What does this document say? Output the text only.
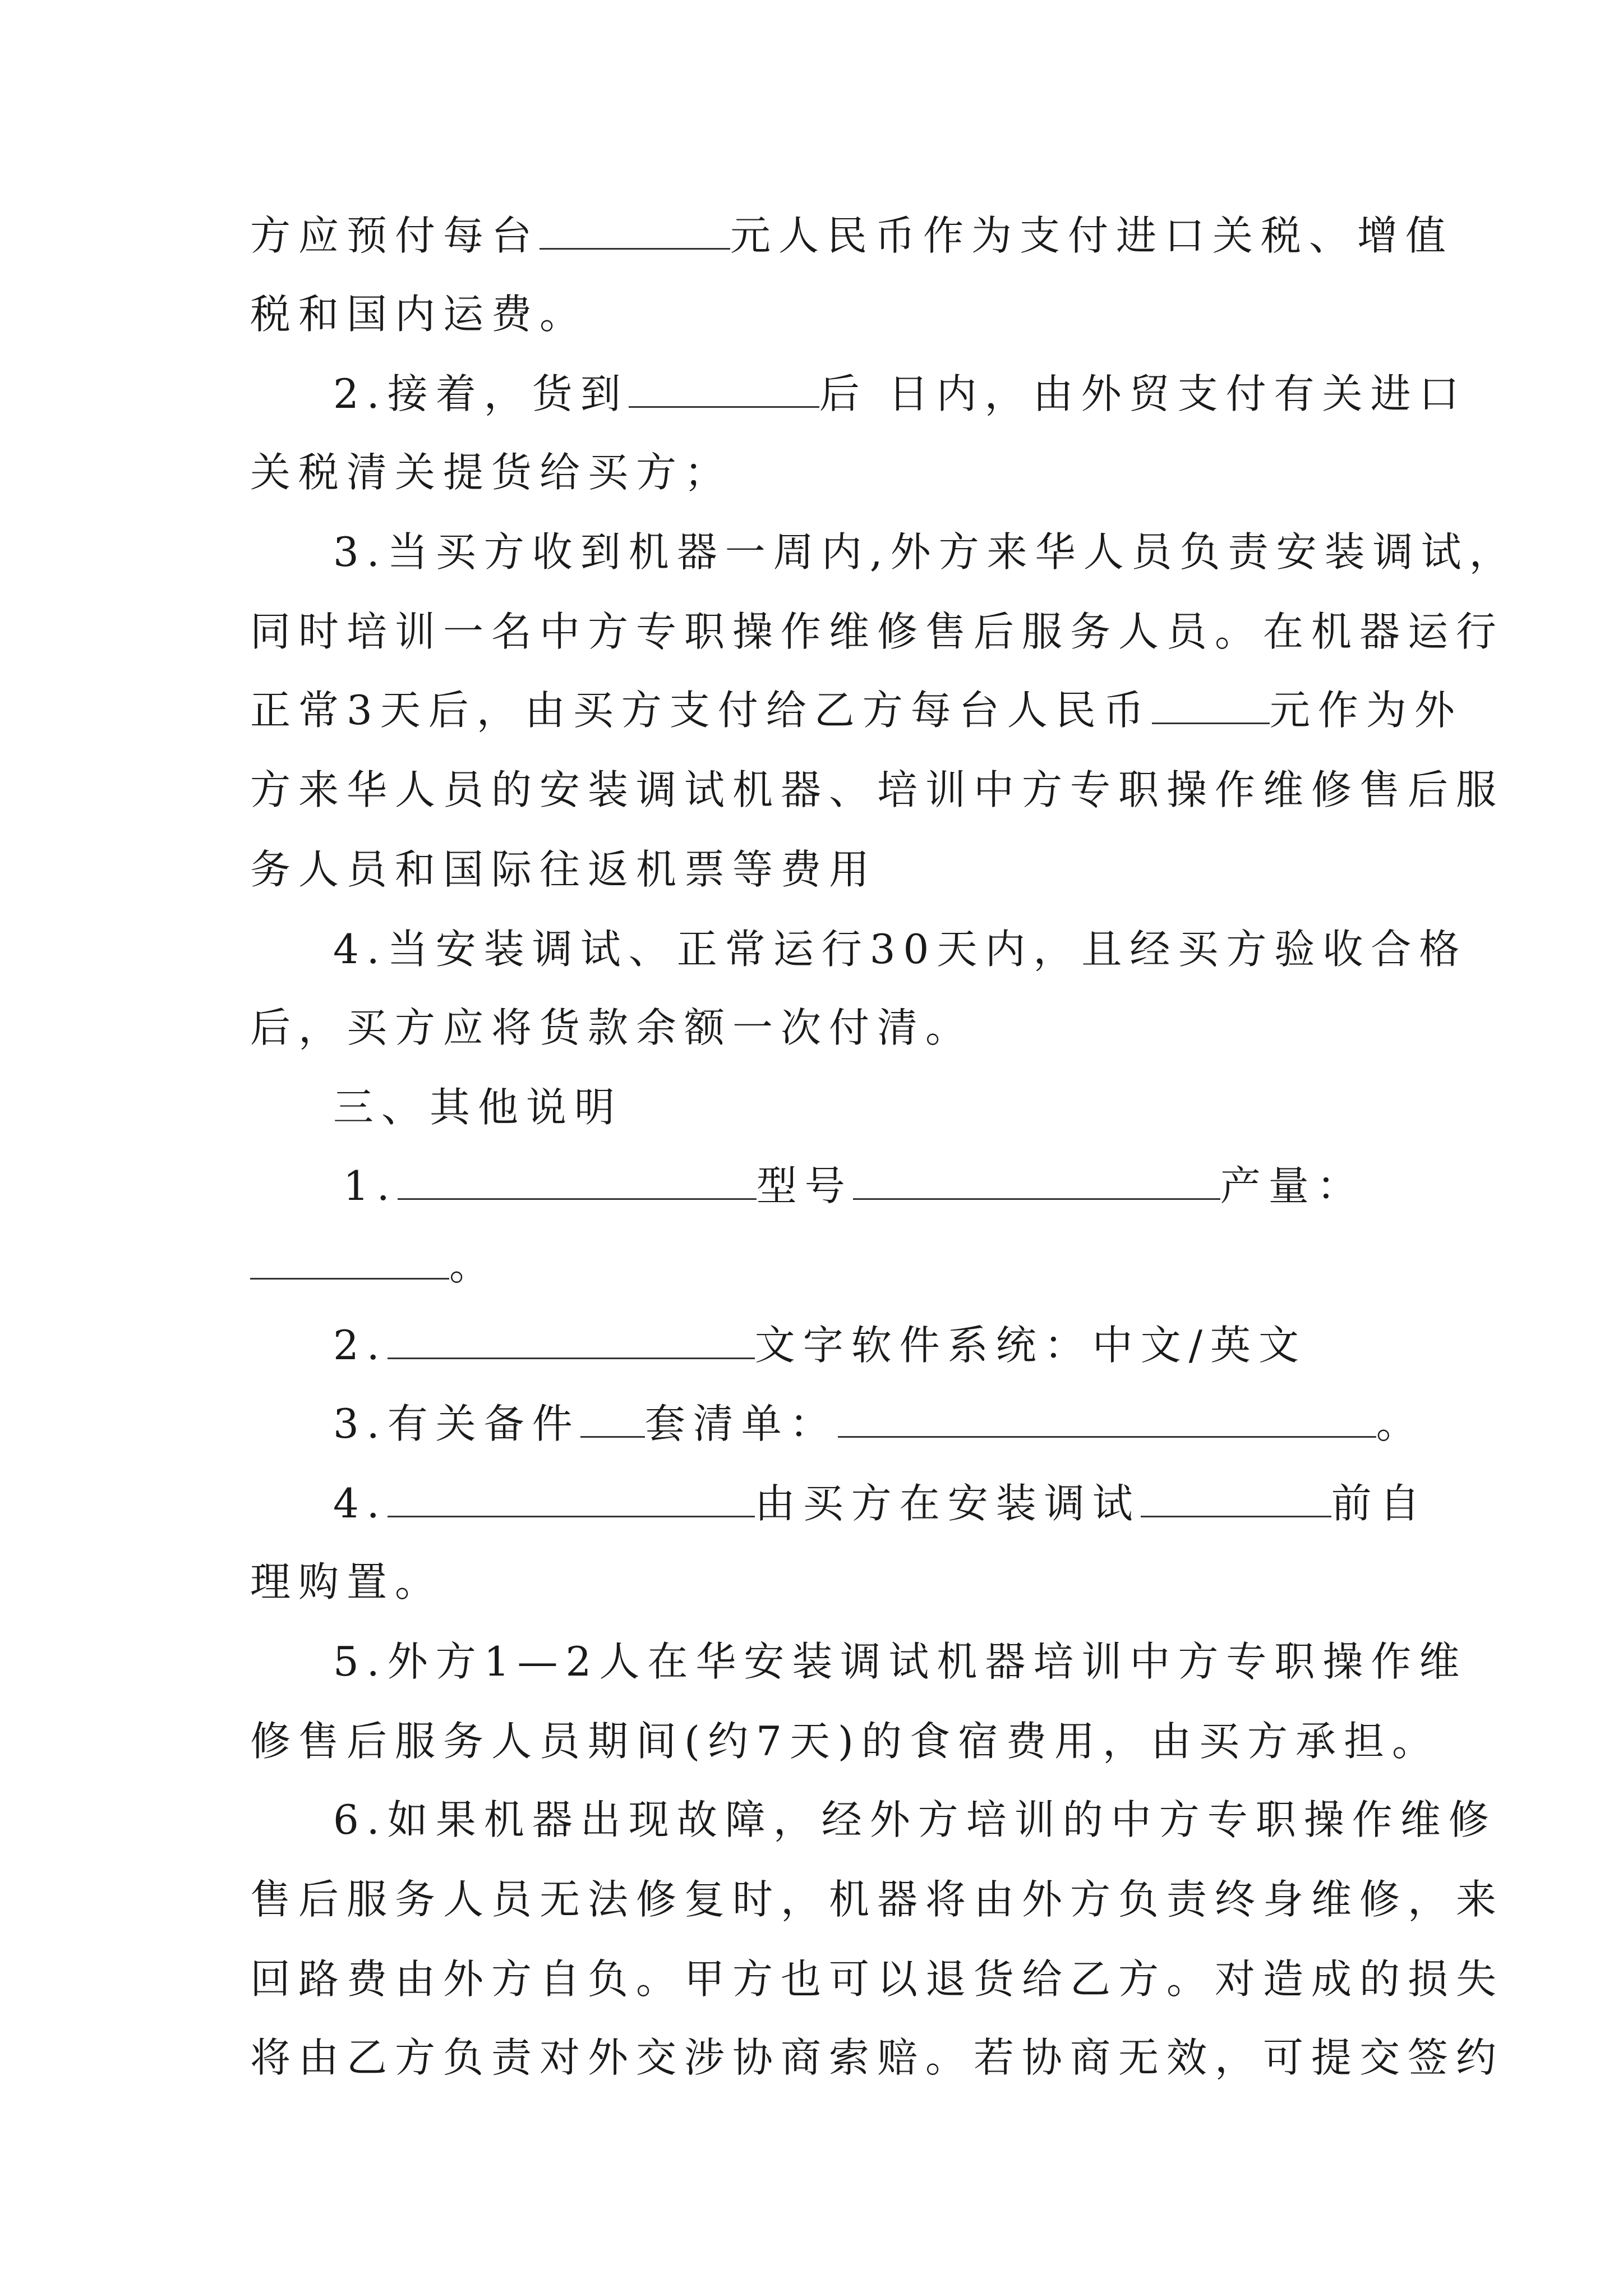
方应预付每台	元人民币作为支付进口关税、增值
税和国内运费。
2.接着，货到	后 日内，由外贸支付有关进口
关税清关提货给买方；
3.当买方收到机器一周内,外方来华人员负责安装调试，
同时培训一名中方专职操作维修售后服务人员。在机器运行
正常3天后，由买方支付给乙方每台人民币	元作为外
方来华人员的安装调试机器、培训中方专职操作维修售后服
务人员和国际往返机票等费用
4.当安装调试、正常运行30天内，且经买方验收合格
后，买方应将货款余额一次付清。
三、其他说明
1.	型号	产量：
。
2.	文字软件系统：中文/英文
3.有关备件 套清单：	。
4.	由买方在安装调试	前自
理购置。
5.外方1—2人在华安装调试机器培训中方专职操作维
修售后服务人员期间(约7天)的食宿费用，由买方承担。
6.如果机器出现故障，经外方培训的中方专职操作维修
售后服务人员无法修复时，机器将由外方负责终身维修，来
回路费由外方自负。甲方也可以退货给乙方。对造成的损失
将由乙方负责对外交涉协商索赔。若协商无效，可提交签约
